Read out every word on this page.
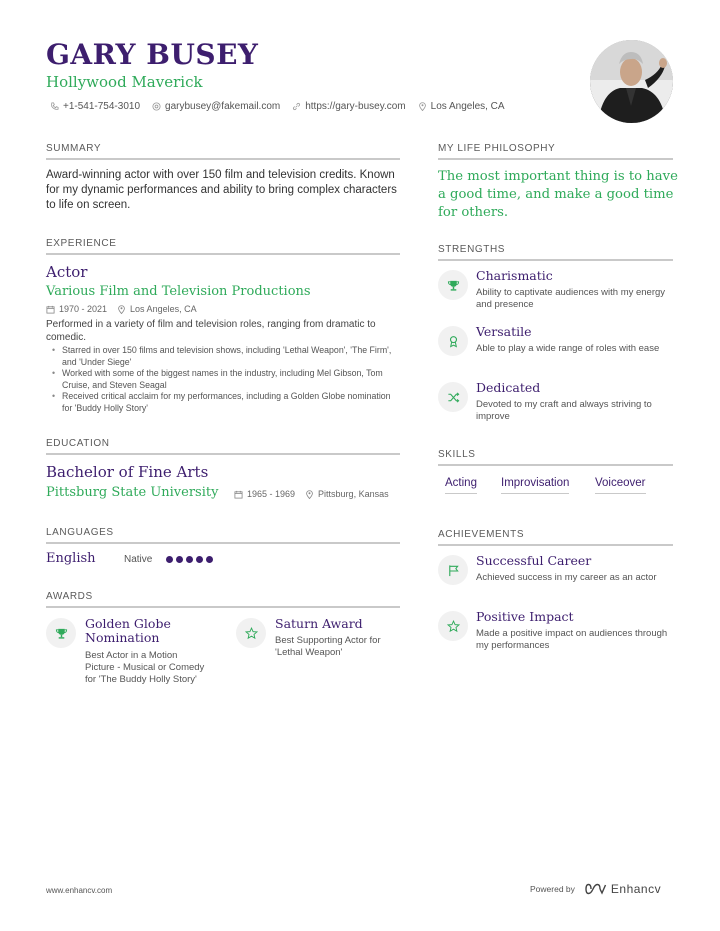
GARY BUSEY
Hollywood Maverick
+1-541-754-3010	garybusey@fakemail.com	https://gary-busey.com	Los Angeles, CA
SUMMARY
Award-winning actor with over 150 film and television credits. Known for my dynamic performances and ability to bring complex characters to life on screen.
EXPERIENCE
Actor
Various Film and Television Productions
1970 - 2021	Los Angeles, CA
Performed in a variety of film and television roles, ranging from dramatic to comedic.
• Starred in over 150 films and television shows, including 'Lethal Weapon', 'The Firm', and 'Under Siege'
• Worked with some of the biggest names in the industry, including Mel Gibson, Tom Cruise, and Steven Seagal
• Received critical acclaim for my performances, including a Golden Globe nomination for 'Buddy Holly Story'
EDUCATION
Bachelor of Fine Arts
Pittsburg State University	1965 - 1969	Pittsburg, Kansas
LANGUAGES
English	Native
AWARDS
Golden Globe Nomination
Best Actor in a Motion Picture - Musical or Comedy for 'The Buddy Holly Story'
Saturn Award
Best Supporting Actor for 'Lethal Weapon'
MY LIFE PHILOSOPHY
The most important thing is to have a good time, and make a good time for others.
STRENGTHS
Charismatic
Ability to captivate audiences with my energy and presence
Versatile
Able to play a wide range of roles with ease
Dedicated
Devoted to my craft and always striving to improve
SKILLS
Acting Improvisation Voiceover
ACHIEVEMENTS
Successful Career
Achieved success in my career as an actor
Positive Impact
Made a positive impact on audiences through my performances
www.enhancv.com	Powered by	Enhancv
